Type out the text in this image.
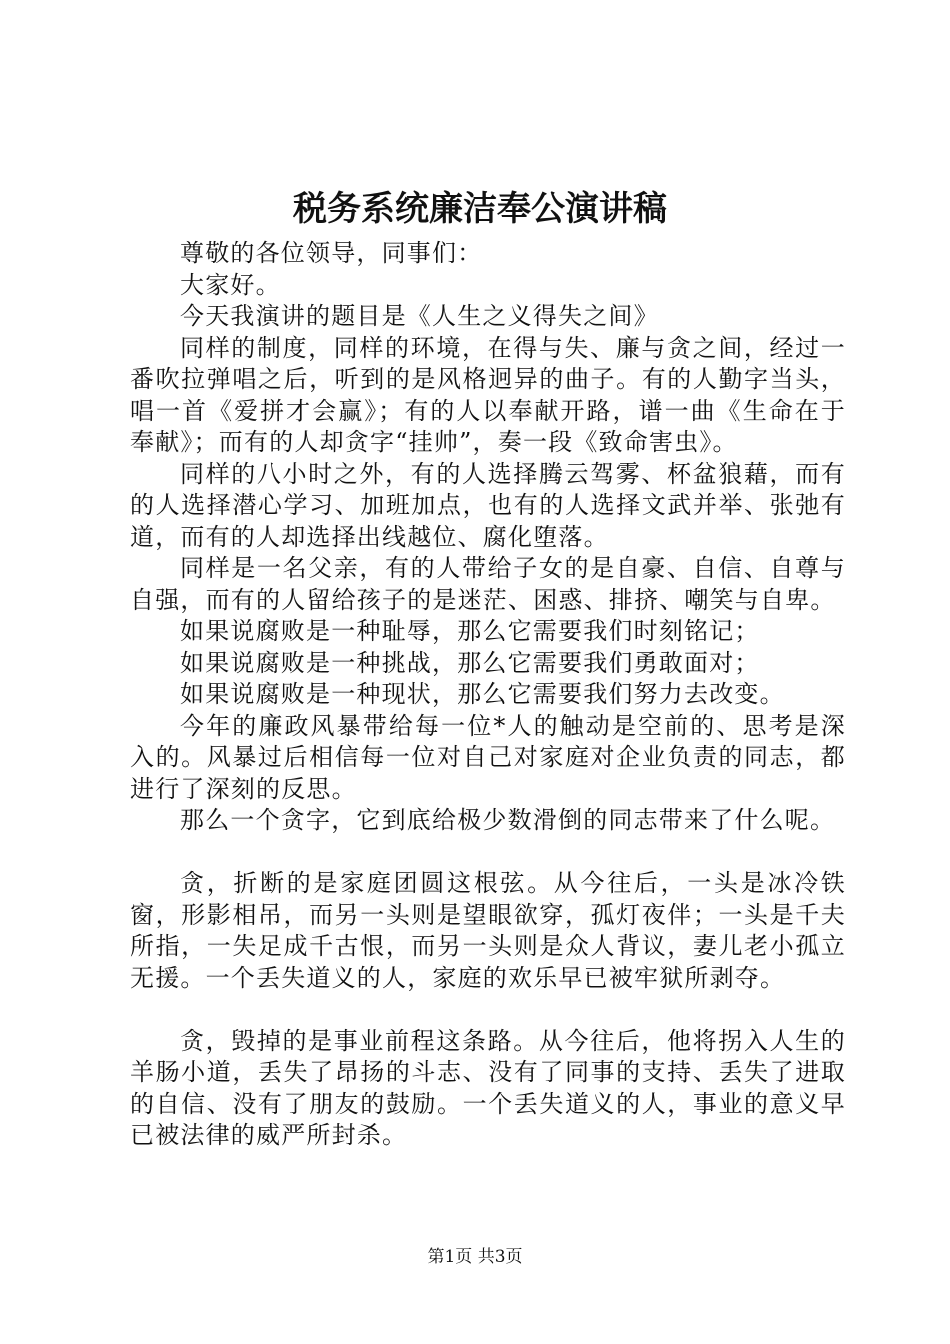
税务系统廉洁奉公演讲稿

尊敬的各位领导，同事们：

大家好。

今天我演讲的题目是《人生之义得失之间》

同样的制度，同样的环境，在得与失、廉与贪之间，经过一番吹拉弹唱之后，听到的是风格迥异的曲子。有的人勤字当头，唱一首《爱拼才会赢》；有的人以奉献开路，谱一曲《生命在于奉献》；而有的人却贪字“挂帅”，奏一段《致命害虫》。

同样的八小时之外，有的人选择腾云驾雾、杯盆狼藉，而有的人选择潜心学习、加班加点，也有的人选择文武并举、张弛有道，而有的人却选择出线越位、腐化堕落。

同样是一名父亲，有的人带给子女的是自豪、自信、自尊与自强，而有的人留给孩子的是迷茫、困惑、排挤、嘲笑与自卑。

如果说腐败是一种耻辱，那么它需要我们时刻铭记；

如果说腐败是一种挑战，那么它需要我们勇敢面对；

如果说腐败是一种现状，那么它需要我们努力去改变。

今年的廉政风暴带给每一位*人的触动是空前的、思考是深入的。风暴过后相信每一位对自己对家庭对企业负责的同志，都进行了深刻的反思。

那么一个贪字，它到底给极少数滑倒的同志带来了什么呢。

贪，折断的是家庭团圆这根弦。从今往后，一头是冰冷铁窗，形影相吊，而另一头则是望眼欲穿，孤灯夜伴；一头是千夫所指，一失足成千古恨，而另一头则是众人背议，妻儿老小孤立无援。一个丢失道义的人，家庭的欢乐早已被牢狱所剥夺。

贪，毁掉的是事业前程这条路。从今往后，他将拐入人生的羊肠小道，丢失了昂扬的斗志、没有了同事的支持、丢失了进取的自信、没有了朋友的鼓励。一个丢失道义的人，事业的意义早已被法律的威严所封杀。

第1页 共3页
